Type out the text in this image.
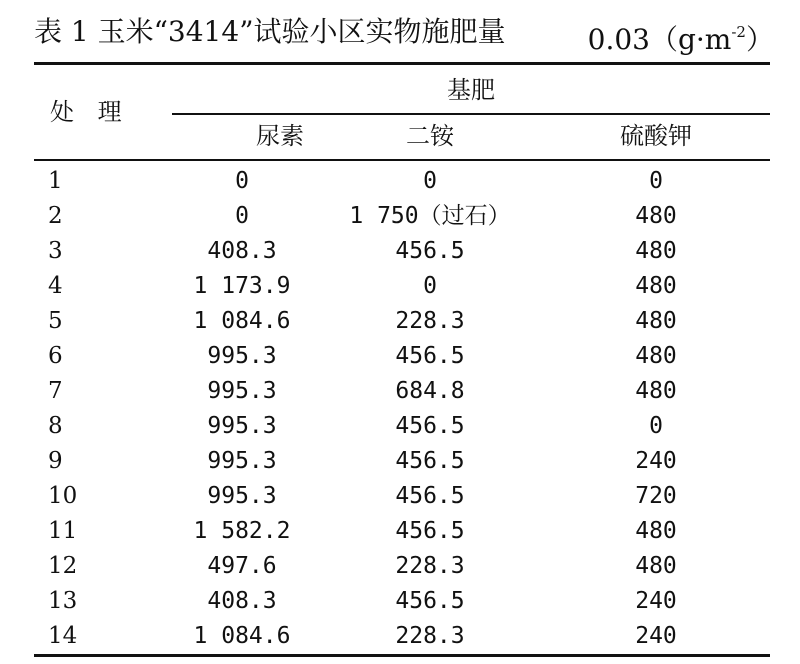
表 1 玉米“3414”试验小区实物施肥量	$0.03(g\cdot m^{-2})$
处 理
基肥
尿素	二铵	硫酸钾
1	0	0	0
2	0	1 750（过石）	480
3	408.3	456.5	480
4	1 173.9	0	480
5	1 084.6	228.3	480
6	995.3	456.5	480
7	995.3	684.8	480
8	995.3	456.5	0
9	995.3	456.5	240
10	995.3	456.5	720
11	1 582.2	456.5	480
12	497.6	228.3	480
13	408.3	456.5	240
14	1 084.6	228.3	240
